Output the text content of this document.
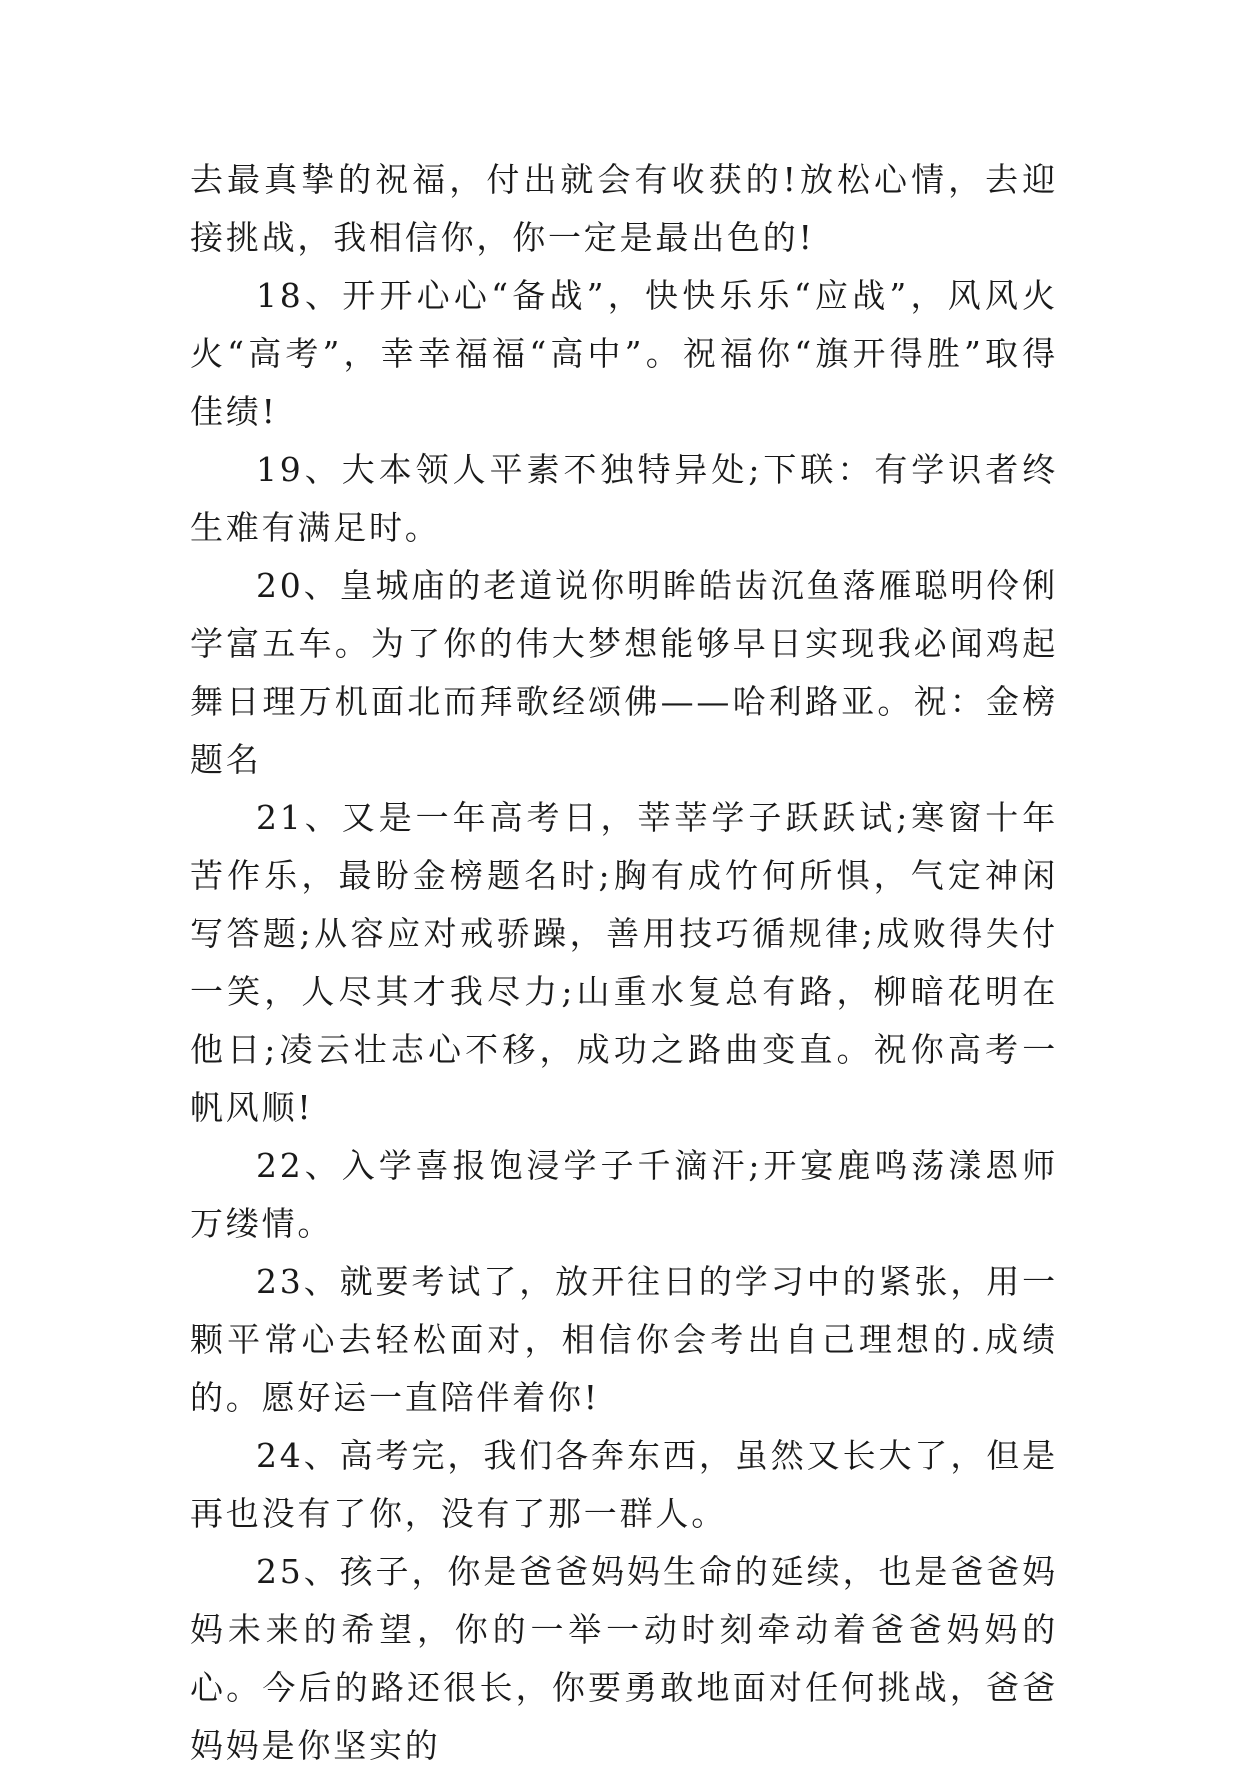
去最真挚的祝福，付出就会有收获的!放松心情，去迎接挑战，我相信你，你一定是最出色的!

18、开开心心“备战”，快快乐乐“应战”，风风火火“高考”，幸幸福福“高中”。祝福你“旗开得胜”取得佳绩!

19、大本领人平素不独特异处;下联：有学识者终生难有满足时。

20、皇城庙的老道说你明眸皓齿沉鱼落雁聪明伶俐学富五车。为了你的伟大梦想能够早日实现我必闻鸡起舞日理万机面北而拜歌经颂佛——哈利路亚。祝：金榜题名

21、又是一年高考日，莘莘学子跃跃试;寒窗十年苦作乐，最盼金榜题名时;胸有成竹何所惧，气定神闲写答题;从容应对戒骄躁，善用技巧循规律;成败得失付一笑，人尽其才我尽力;山重水复总有路，柳暗花明在他日;凌云壮志心不移，成功之路曲变直。祝你高考一帆风顺!

22、入学喜报饱浸学子千滴汗;开宴鹿鸣荡漾恩师万缕情。

23、就要考试了，放开往日的学习中的紧张，用一颗平常心去轻松面对，相信你会考出自己理想的.成绩的。愿好运一直陪伴着你!

24、高考完，我们各奔东西，虽然又长大了，但是再也没有了你，没有了那一群人。

25、孩子，你是爸爸妈妈生命的延续，也是爸爸妈妈未来的希望，你的一举一动时刻牵动着爸爸妈妈的心。今后的路还很长，你要勇敢地面对任何挑战，爸爸妈妈是你坚实的
